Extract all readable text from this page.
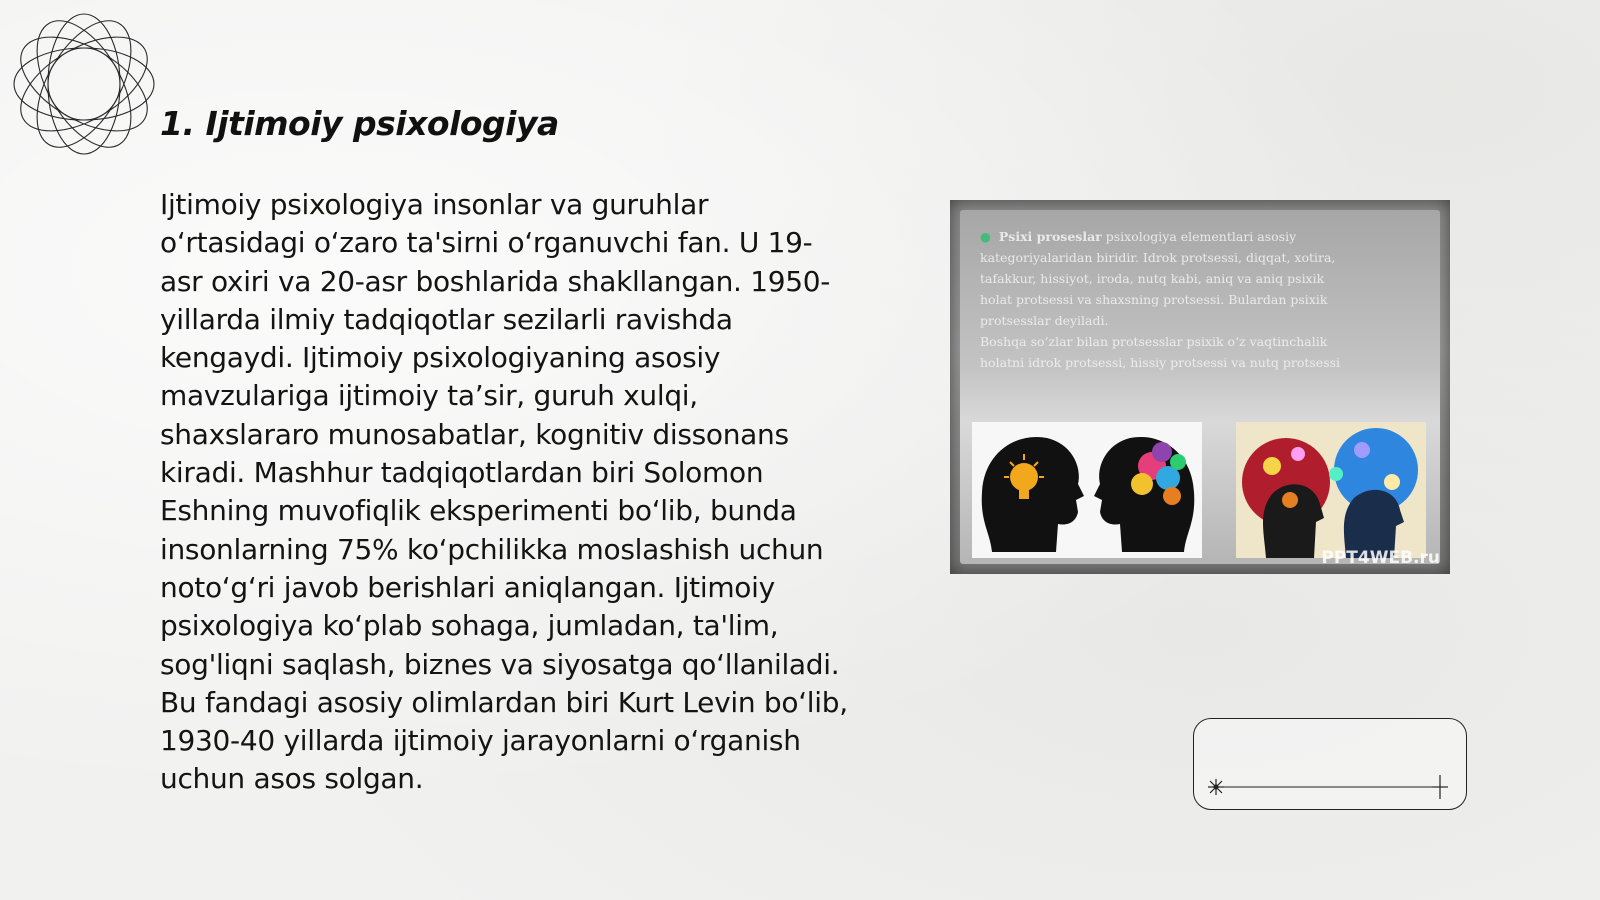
1. Ijtimoiy psixologiya

Ijtimoiy psixologiya insonlar va guruhlar o‘rtasidagi o‘zaro ta'sirni o‘rganuvchi fan. U 19-asr oxiri va 20-asr boshlarida shakllangan. 1950-yillarda ilmiy tadqiqotlar sezilarli ravishda kengaydi. Ijtimoiy psixologiyaning asosiy mavzulariga ijtimoiy ta’sir, guruh xulqi, shaxslararo munosabatlar, kognitiv dissonans kiradi. Mashhur tadqiqotlardan biri Solomon Eshning muvofiqlik eksperimenti bo‘lib, bunda insonlarning 75% ko‘pchilikka moslashish uchun noto‘g‘ri javob berishlari aniqlangan. Ijtimoiy psixologiya ko‘plab sohaga, jumladan, ta'lim, sog'liqni saqlash, biznes va siyosatga qo‘llaniladi. Bu fandagi asosiy olimlardan biri Kurt Levin bo‘lib, 1930-40 yillarda ijtimoiy jarayonlarni o‘rganish uchun asos solgan.

● Psixi proseslar psixologiya elementlari asosiy
kategoriyalaridan biridir. Idrok protsessi, diqqat, xotira,
tafakkur, hissiyot, iroda, nutq kabi, aniq va aniq psixik
holat protsessi va shaxsning protsessi. Bulardan psixik
protsesslar deyiladi.
Boshqa so‘zlar bilan protsesslar psixik o‘z vaqtinchalik
holatni idrok protsessi, hissiy protsessi va nutq protsessi
PPT4WEB.ru
